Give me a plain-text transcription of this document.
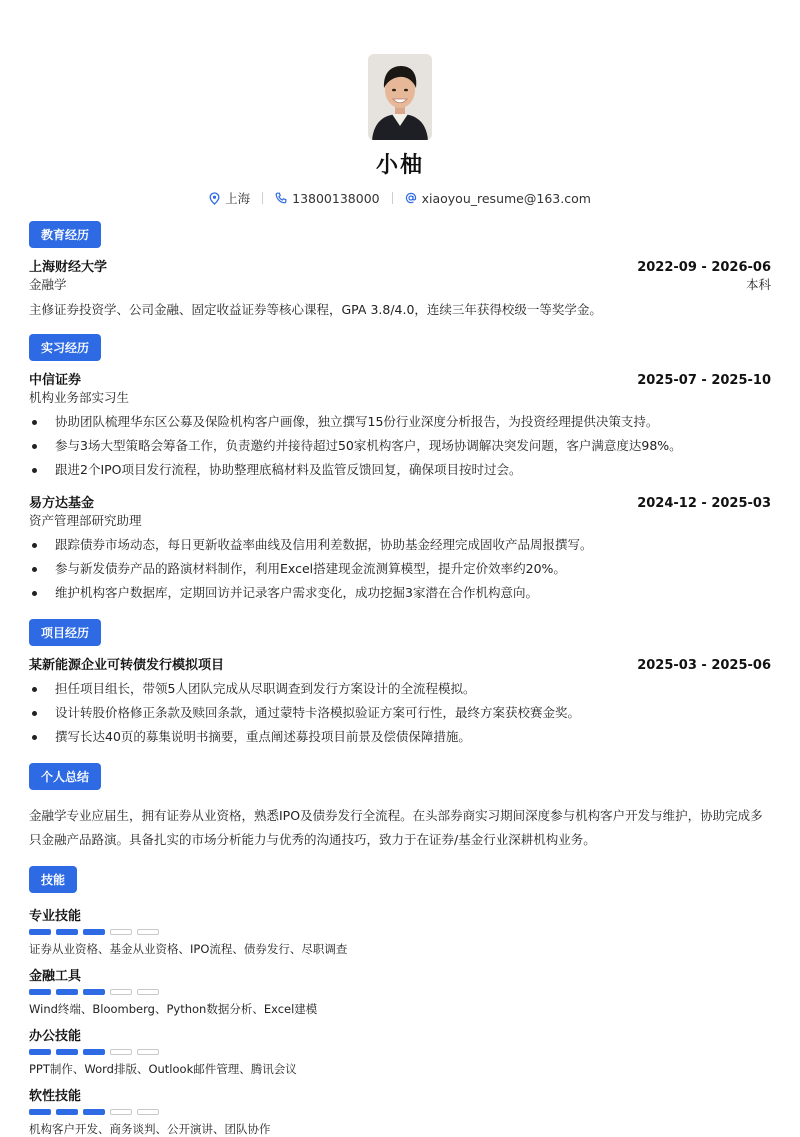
小柚
上海	13800138000	xiaoyou_resume@163.com
教育经历
上海财经大学	2022-09 - 2026-06
金融学	本科
主修证券投资学、公司金融、固定收益证券等核心课程，GPA 3.8/4.0，连续三年获得校级一等奖学金。
实习经历
中信证券	2025-07 - 2025-10
机构业务部实习生
协助团队梳理华东区公募及保险机构客户画像，独立撰写15份行业深度分析报告，为投资经理提供决策支持。
参与3场大型策略会筹备工作，负责邀约并接待超过50家机构客户，现场协调解决突发问题，客户满意度达98%。
跟进2个IPO项目发行流程，协助整理底稿材料及监管反馈回复，确保项目按时过会。
易方达基金	2024-12 - 2025-03
资产管理部研究助理
跟踪债券市场动态，每日更新收益率曲线及信用利差数据，协助基金经理完成固收产品周报撰写。
参与新发债券产品的路演材料制作，利用Excel搭建现金流测算模型，提升定价效率约20%。
维护机构客户数据库，定期回访并记录客户需求变化，成功挖掘3家潜在合作机构意向。
项目经历
某新能源企业可转债发行模拟项目	2025-03 - 2025-06
担任项目组长，带领5人团队完成从尽职调查到发行方案设计的全流程模拟。
设计转股价格修正条款及赎回条款，通过蒙特卡洛模拟验证方案可行性，最终方案获校赛金奖。
撰写长达40页的募集说明书摘要，重点阐述募投项目前景及偿债保障措施。
个人总结
金融学专业应届生，拥有证券从业资格，熟悉IPO及债券发行全流程。在头部券商实习期间深度参与机构客户开发与维护，协助完成多只金融产品路演。具备扎实的市场分析能力与优秀的沟通技巧，致力于在证券/基金行业深耕机构业务。
技能
专业技能
证券从业资格、基金从业资格、IPO流程、债券发行、尽职调查
金融工具
Wind终端、Bloomberg、Python数据分析、Excel建模
办公技能
PPT制作、Word排版、Outlook邮件管理、腾讯会议
软性技能
机构客户开发、商务谈判、公开演讲、团队协作
